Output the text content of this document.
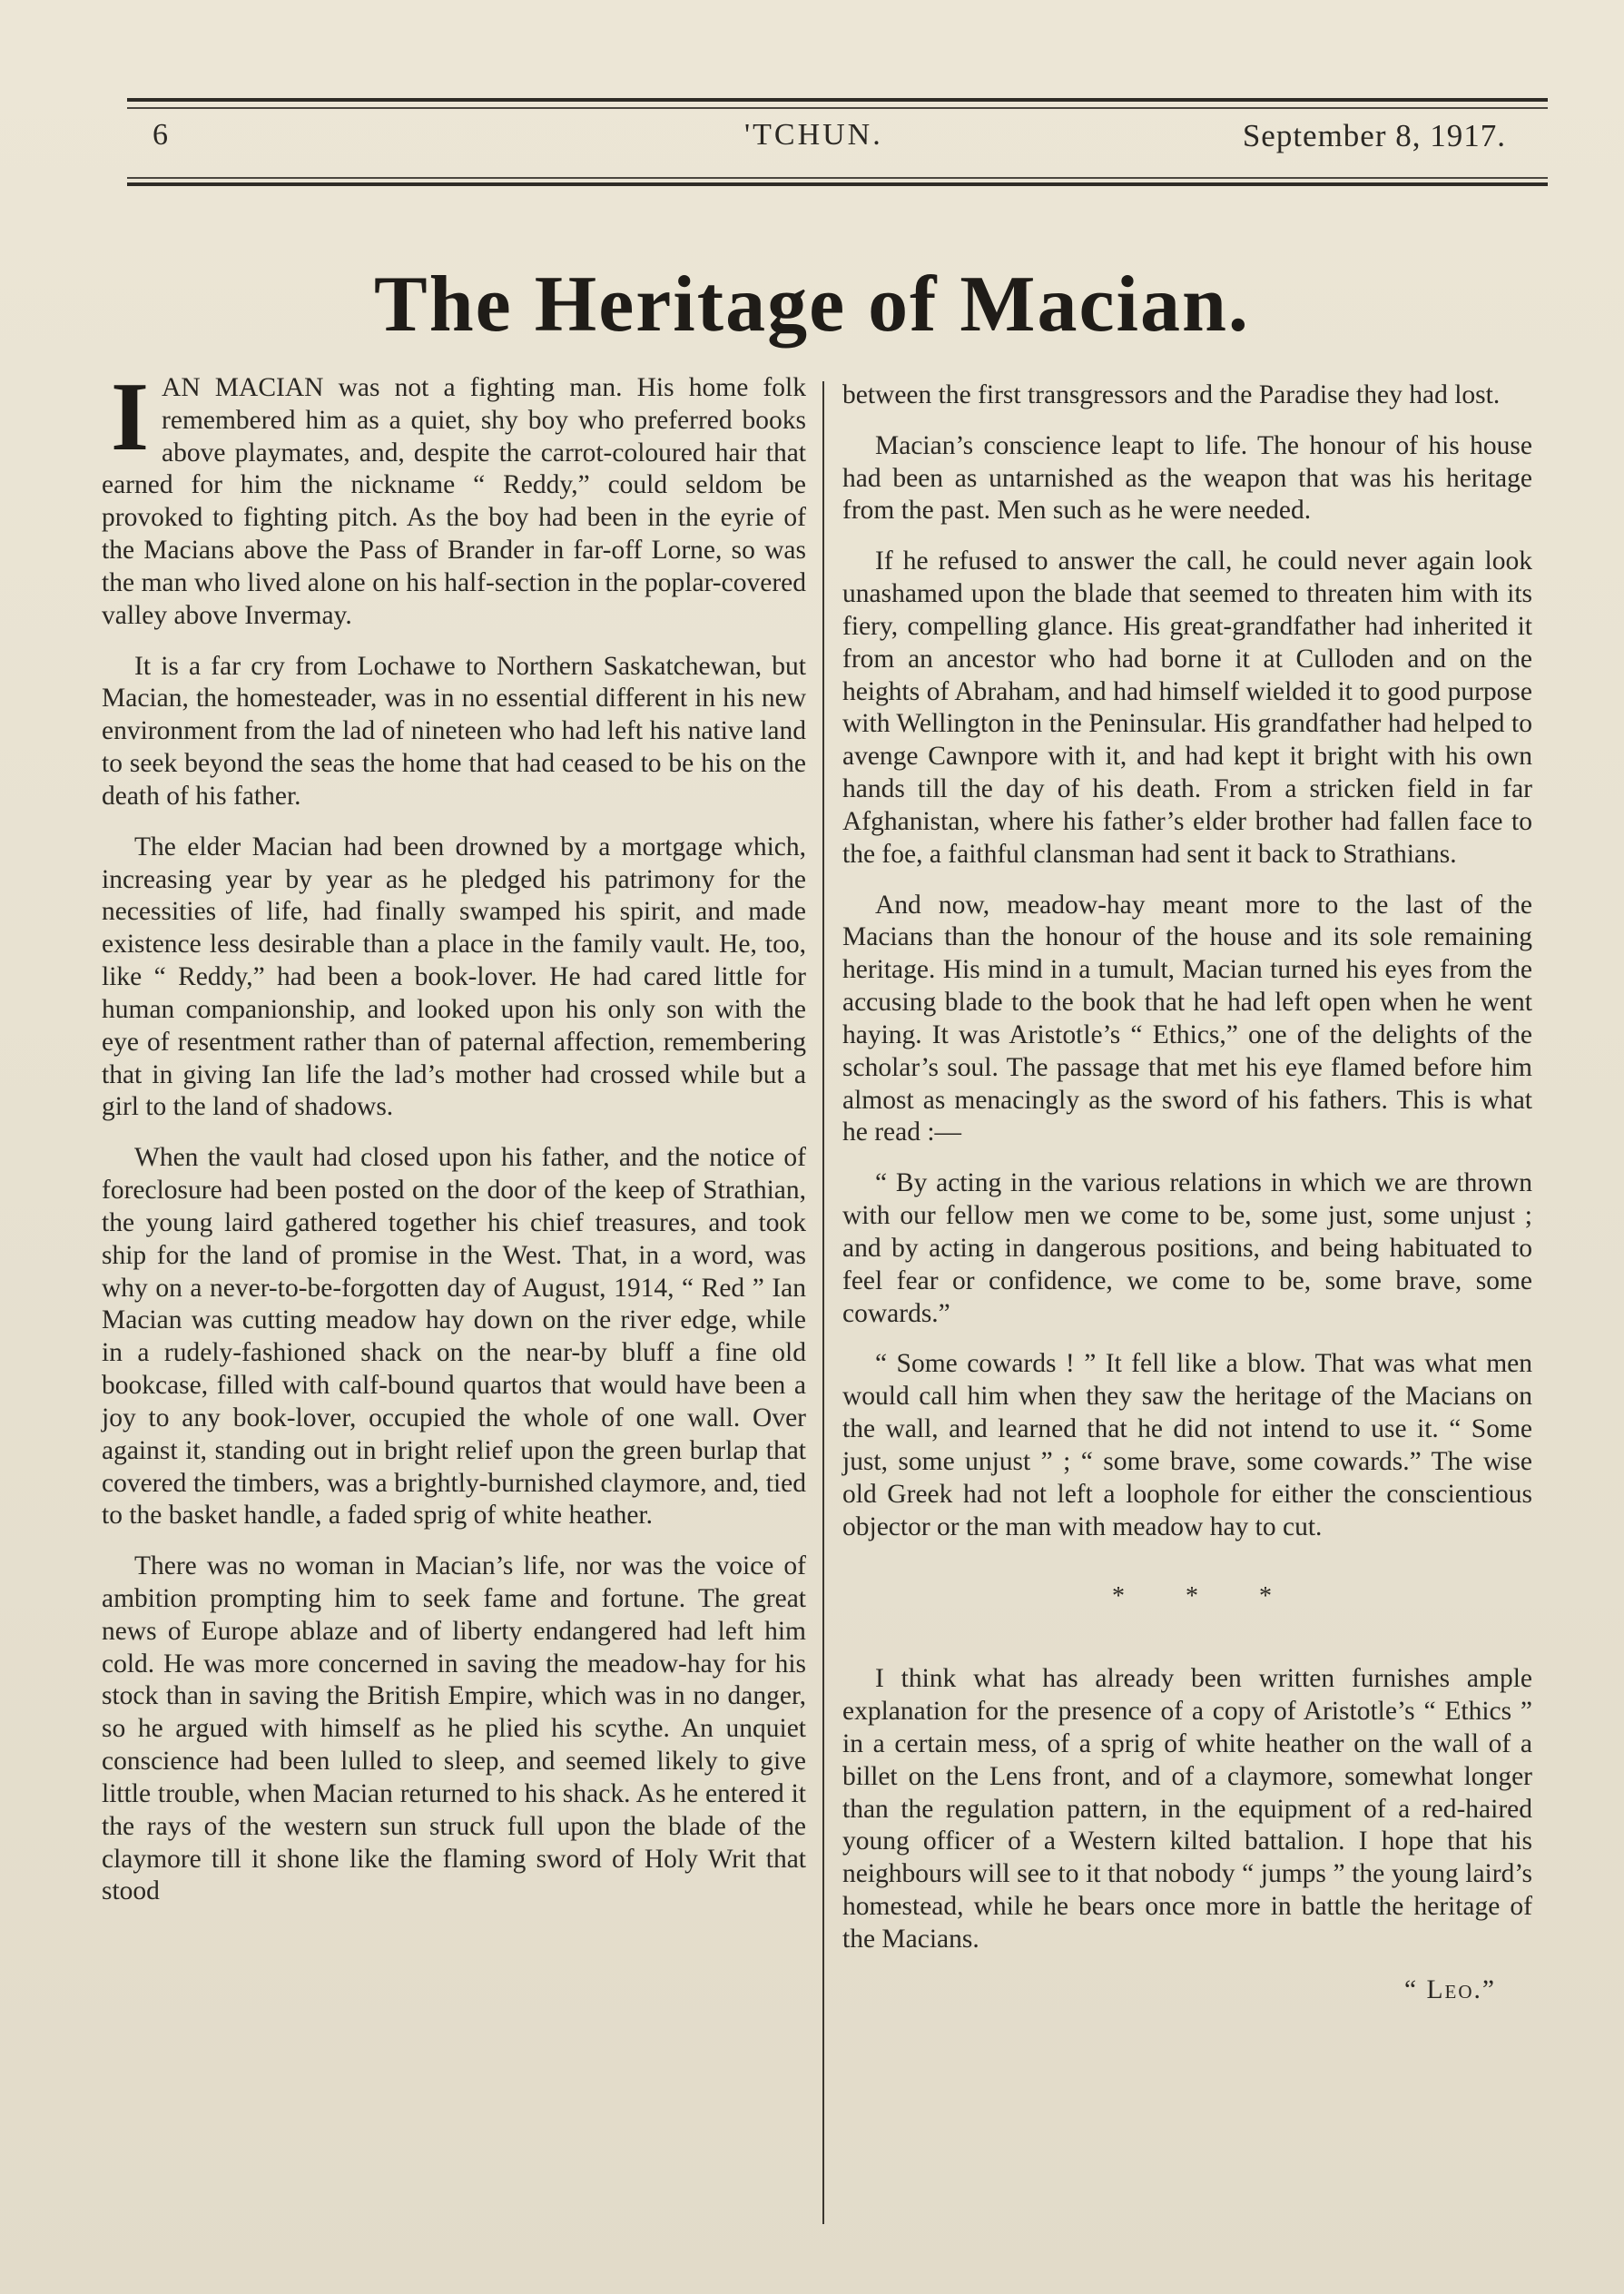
6	'TCHUN.	September 8, 1917.
The Heritage of Macian.

IAN MACIAN was not a fighting man. His home folk remembered him as a quiet, shy boy who preferred books above playmates, and, despite the carrot-coloured hair that earned for him the nickname “ Reddy,” could seldom be provoked to fighting pitch. As the boy had been in the eyrie of the Macians above the Pass of Brander in far-off Lorne, so was the man who lived alone on his half-section in the poplar-covered valley above Invermay.

It is a far cry from Lochawe to Northern Saskatchewan, but Macian, the homesteader, was in no essential different in his new environment from the lad of nineteen who had left his native land to seek beyond the seas the home that had ceased to be his on the death of his father.

The elder Macian had been drowned by a mortgage which, increasing year by year as he pledged his patrimony for the necessities of life, had finally swamped his spirit, and made existence less desirable than a place in the family vault. He, too, like “ Reddy,” had been a book-lover. He had cared little for human companionship, and looked upon his only son with the eye of resentment rather than of paternal affection, remembering that in giving Ian life the lad’s mother had crossed while but a girl to the land of shadows.

When the vault had closed upon his father, and the notice of foreclosure had been posted on the door of the keep of Strathian, the young laird gathered together his chief treasures, and took ship for the land of promise in the West. That, in a word, was why on a never-to-be-forgotten day of August, 1914, “ Red ” Ian Macian was cutting meadow hay down on the river edge, while in a rudely-fashioned shack on the near-by bluff a fine old bookcase, filled with calf-bound quartos that would have been a joy to any book-lover, occupied the whole of one wall. Over against it, standing out in bright relief upon the green burlap that covered the timbers, was a brightly-burnished claymore, and, tied to the basket handle, a faded sprig of white heather.

There was no woman in Macian’s life, nor was the voice of ambition prompting him to seek fame and fortune. The great news of Europe ablaze and of liberty endangered had left him cold. He was more concerned in saving the meadow-hay for his stock than in saving the British Empire, which was in no danger, so he argued with himself as he plied his scythe. An unquiet conscience had been lulled to sleep, and seemed likely to give little trouble, when Macian returned to his shack. As he entered it the rays of the western sun struck full upon the blade of the claymore till it shone like the flaming sword of Holy Writ that stood

between the first transgressors and the Paradise they had lost.

Macian’s conscience leapt to life. The honour of his house had been as untarnished as the weapon that was his heritage from the past. Men such as he were needed.

If he refused to answer the call, he could never again look unashamed upon the blade that seemed to threaten him with its fiery, compelling glance. His great-grandfather had inherited it from an ancestor who had borne it at Culloden and on the heights of Abraham, and had himself wielded it to good purpose with Wellington in the Peninsular. His grandfather had helped to avenge Cawnpore with it, and had kept it bright with his own hands till the day of his death. From a stricken field in far Afghanistan, where his father’s elder brother had fallen face to the foe, a faithful clansman had sent it back to Strathians.

And now, meadow-hay meant more to the last of the Macians than the honour of the house and its sole remaining heritage. His mind in a tumult, Macian turned his eyes from the accusing blade to the book that he had left open when he went haying. It was Aristotle’s “ Ethics,” one of the delights of the scholar’s soul. The passage that met his eye flamed before him almost as menacingly as the sword of his fathers. This is what he read :—

“ By acting in the various relations in which we are thrown with our fellow men we come to be, some just, some unjust ; and by acting in dangerous positions, and being habituated to feel fear or confidence, we come to be, some brave, some cowards.”

“ Some cowards ! ” It fell like a blow. That was what men would call him when they saw the heritage of the Macians on the wall, and learned that he did not intend to use it. “ Some just, some unjust ” ; “ some brave, some cowards.” The wise old Greek had not left a loophole for either the conscientious objector or the man with meadow hay to cut.

* * *

I think what has already been written furnishes ample explanation for the presence of a copy of Aristotle’s “ Ethics ” in a certain mess, of a sprig of white heather on the wall of a billet on the Lens front, and of a claymore, somewhat longer than the regulation pattern, in the equipment of a red-haired young officer of a Western kilted battalion. I hope that his neighbours will see to it that nobody “ jumps ” the young laird’s homestead, while he bears once more in battle the heritage of the Macians.

“ Leo.”
